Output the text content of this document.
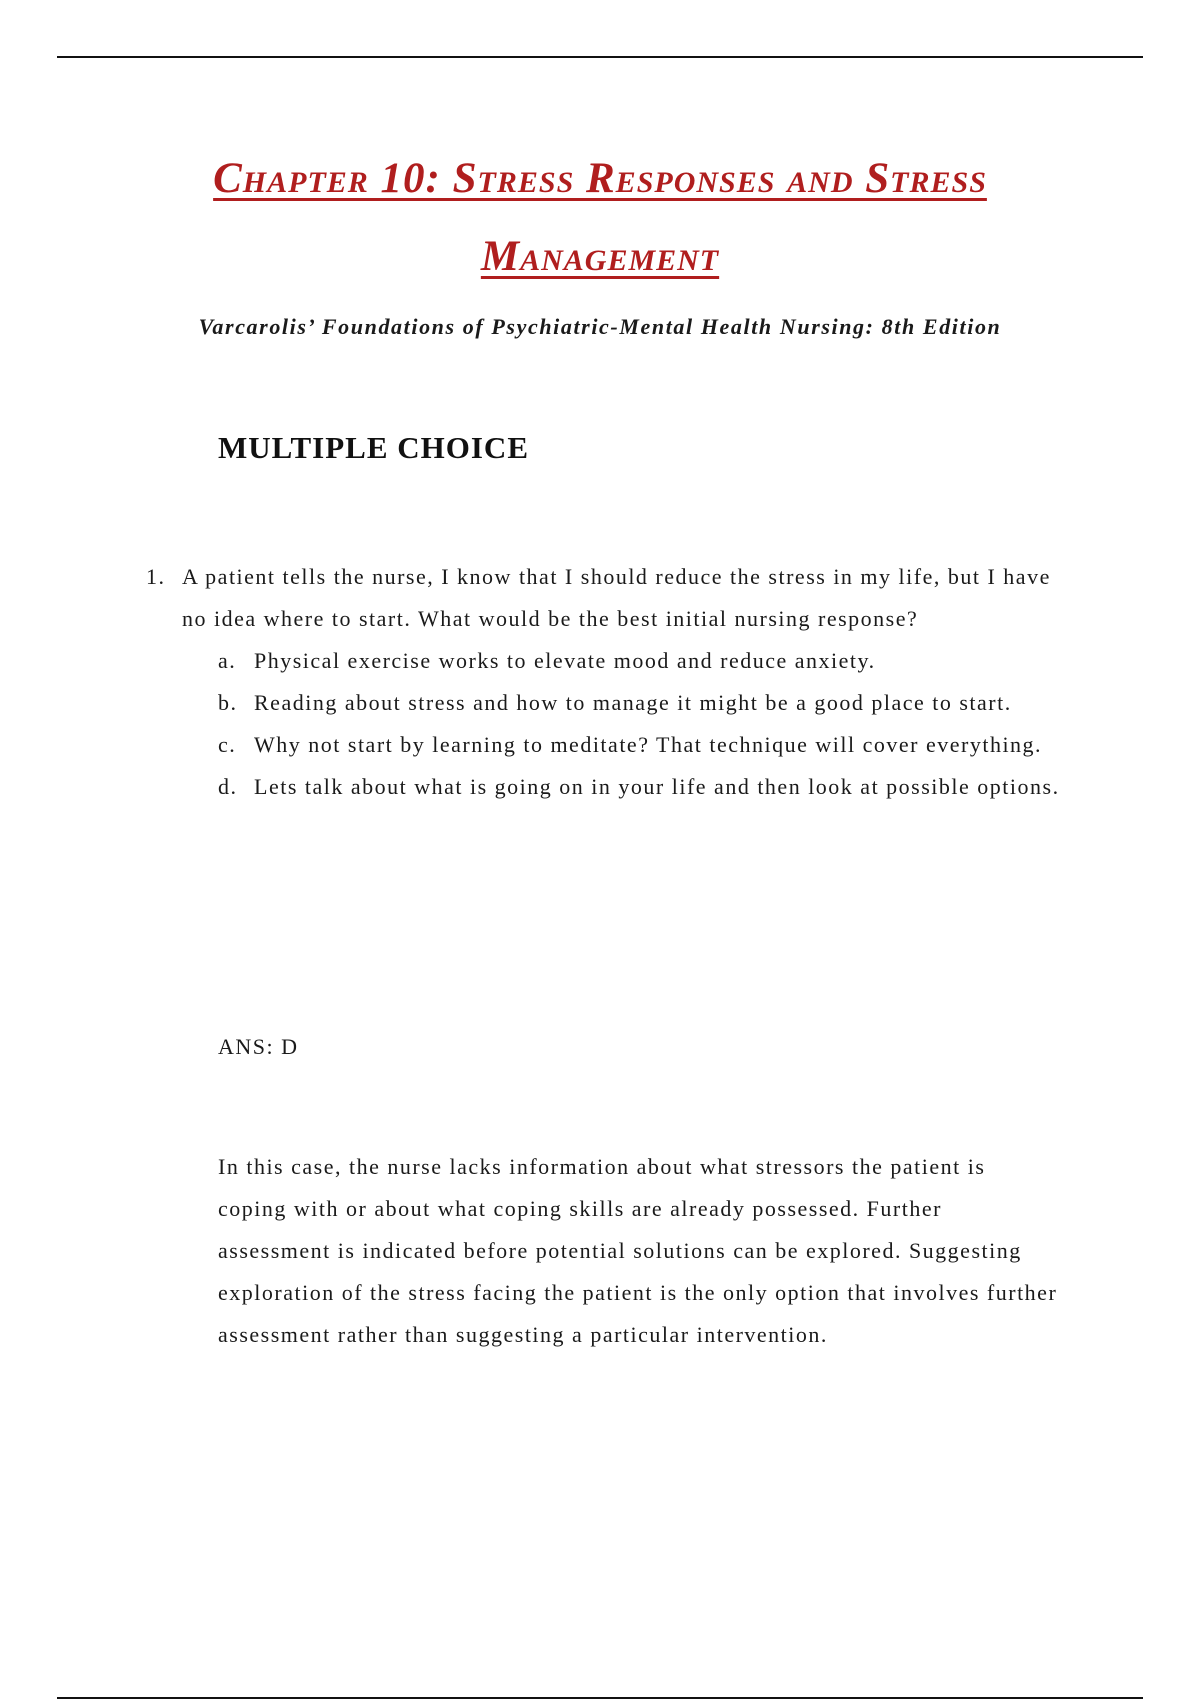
Chapter 10: Stress Responses and Stress Management
Varcarolis’ Foundations of Psychiatric-Mental Health Nursing: 8th Edition
MULTIPLE CHOICE
1. A patient tells the nurse, I know that I should reduce the stress in my life, but I have no idea where to start. What would be the best initial nursing response?
a. Physical exercise works to elevate mood and reduce anxiety.
b. Reading about stress and how to manage it might be a good place to start.
c. Why not start by learning to meditate? That technique will cover everything.
d. Lets talk about what is going on in your life and then look at possible options.
ANS: D
In this case, the nurse lacks information about what stressors the patient is coping with or about what coping skills are already possessed. Further assessment is indicated before potential solutions can be explored. Suggesting exploration of the stress facing the patient is the only option that involves further assessment rather than suggesting a particular intervention.
